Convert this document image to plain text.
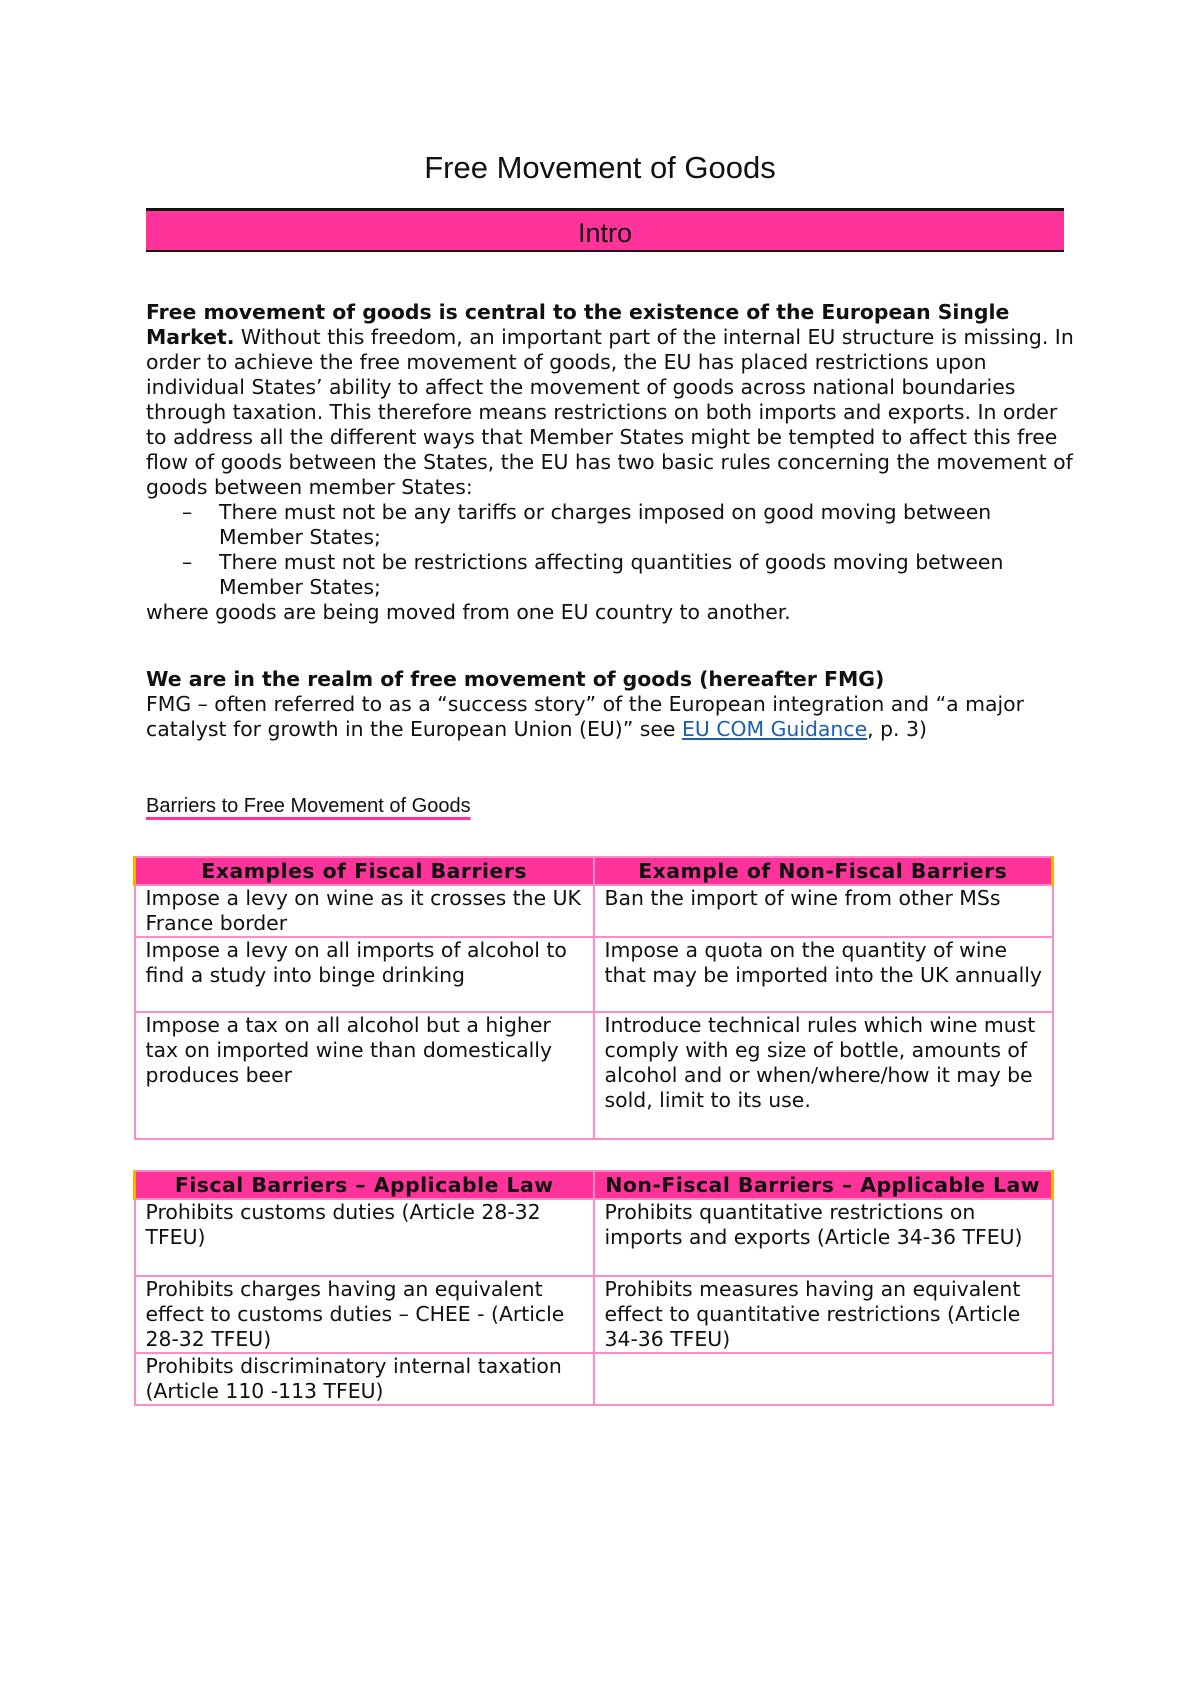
Free Movement of Goods
Intro
Free movement of goods is central to the existence of the European Single Market. Without this freedom, an important part of the internal EU structure is missing. In order to achieve the free movement of goods, the EU has placed restrictions upon individual States’ ability to affect the movement of goods across national boundaries through taxation. This therefore means restrictions on both imports and exports. In order to address all the different ways that Member States might be tempted to affect this free flow of goods between the States, the EU has two basic rules concerning the movement of goods between member States:
– There must not be any tariffs or charges imposed on good moving between Member States;
– There must not be restrictions affecting quantities of goods moving between Member States;
where goods are being moved from one EU country to another.
We are in the realm of free movement of goods (hereafter FMG)
FMG – often referred to as a “success story” of the European integration and “a major catalyst for growth in the European Union (EU)” see EU COM Guidance, p. 3)
Barriers to Free Movement of Goods
Examples of Fiscal Barriers	Example of Non-Fiscal Barriers
Impose a levy on wine as it crosses the UK France border	Ban the import of wine from other MSs
Impose a levy on all imports of alcohol to find a study into binge drinking	Impose a quota on the quantity of wine that may be imported into the UK annually
Impose a tax on all alcohol but a higher tax on imported wine than domestically produces beer	Introduce technical rules which wine must comply with eg size of bottle, amounts of alcohol and or when/where/how it may be sold, limit to its use.
Fiscal Barriers – Applicable Law	Non-Fiscal Barriers – Applicable Law
Prohibits customs duties (Article 28-32 TFEU)	Prohibits quantitative restrictions on imports and exports (Article 34-36 TFEU)
Prohibits charges having an equivalent effect to customs duties – CHEE - (Article 28-32 TFEU)	Prohibits measures having an equivalent effect to quantitative restrictions (Article 34-36 TFEU)
Prohibits discriminatory internal taxation (Article 110 -113 TFEU)	
